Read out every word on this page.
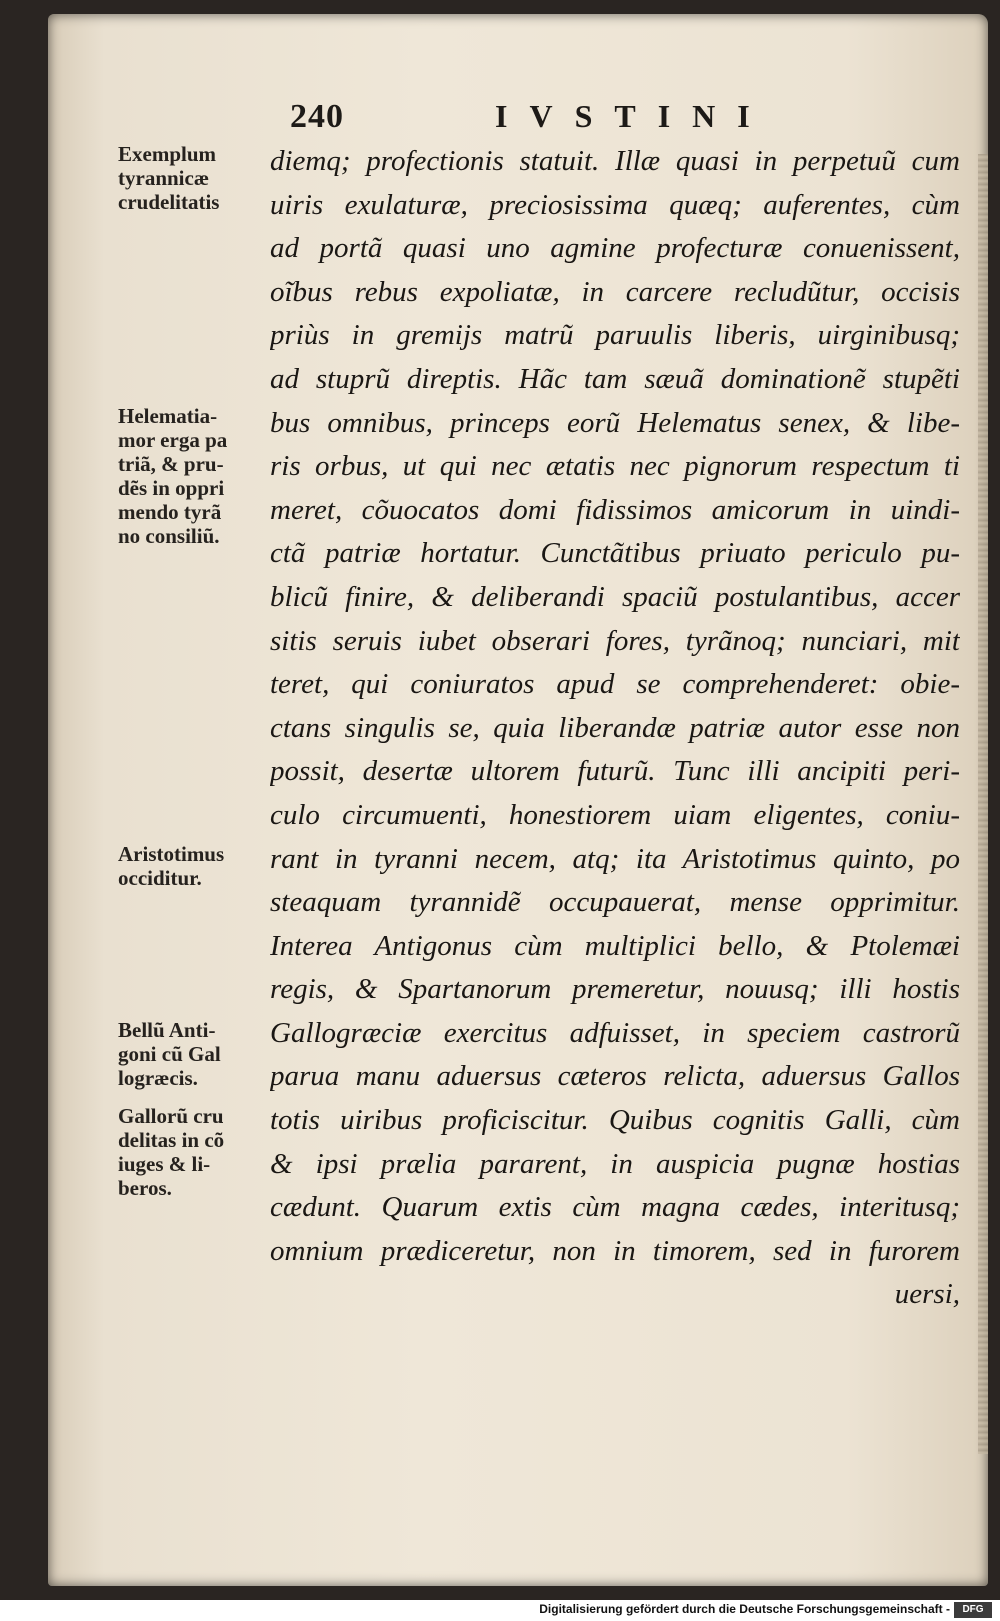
240	IVSTINI
Exemplum
tyrannicæ
crudelitatis
Helematia-
mor erga pa
triã, & pru-
dẽs in oppri
mendo tyrã
no consiliũ.
Aristotimus
occiditur.
Bellũ Anti-
goni cũ Gal
logræcis.
Gallorũ cru
delitas in cõ
iuges & li-
beros.
diemq; profectionis statuit. Illæ quasi in perpetuũ cum
uiris exulaturæ, preciosissima quæq; auferentes, cùm
ad portã quasi uno agmine profecturæ conuenissent,
oĩbus rebus expoliatæ, in carcere recludũtur, occisis
priùs in gremijs matrũ paruulis liberis, uirginibusq;
ad stuprũ direptis. Hãc tam sæuã dominationẽ stupẽti
bus omnibus, princeps eorũ Helematus senex, & libe-
ris orbus, ut qui nec ætatis nec pignorum respectum ti
meret, cõuocatos domi fidissimos amicorum in uindi-
ctã patriæ hortatur. Cunctãtibus priuato periculo pu-
blicũ finire, & deliberandi spaciũ postulantibus, accer
sitis seruis iubet obserari fores, tyrãnoq; nunciari, mit
teret, qui coniuratos apud se comprehenderet: obie-
ctans singulis se, quia liberandæ patriæ autor esse non
possit, desertæ ultorem futurũ. Tunc illi ancipiti peri-
culo circumuenti, honestiorem uiam eligentes, coniu-
rant in tyranni necem, atq; ita Aristotimus quinto, po
steaquam tyrannidẽ occupauerat, mense opprimitur.
Interea Antigonus cùm multiplici bello, & Ptolemæi
regis, & Spartanorum premeretur, nouusq; illi hostis
Gallogræciæ exercitus adfuisset, in speciem castrorũ
parua manu aduersus cæteros relicta, aduersus Gallos
totis uiribus proficiscitur. Quibus cognitis Galli, cùm
& ipsi prælia pararent, in auspicia pugnæ hostias
cædunt. Quarum extis cùm magna cædes, interitusq;
omnium prædiceretur, non in timorem, sed in furorem
uersi,
Digitalisierung gefördert durch die Deutsche Forschungsgemeinschaft -	DFG
